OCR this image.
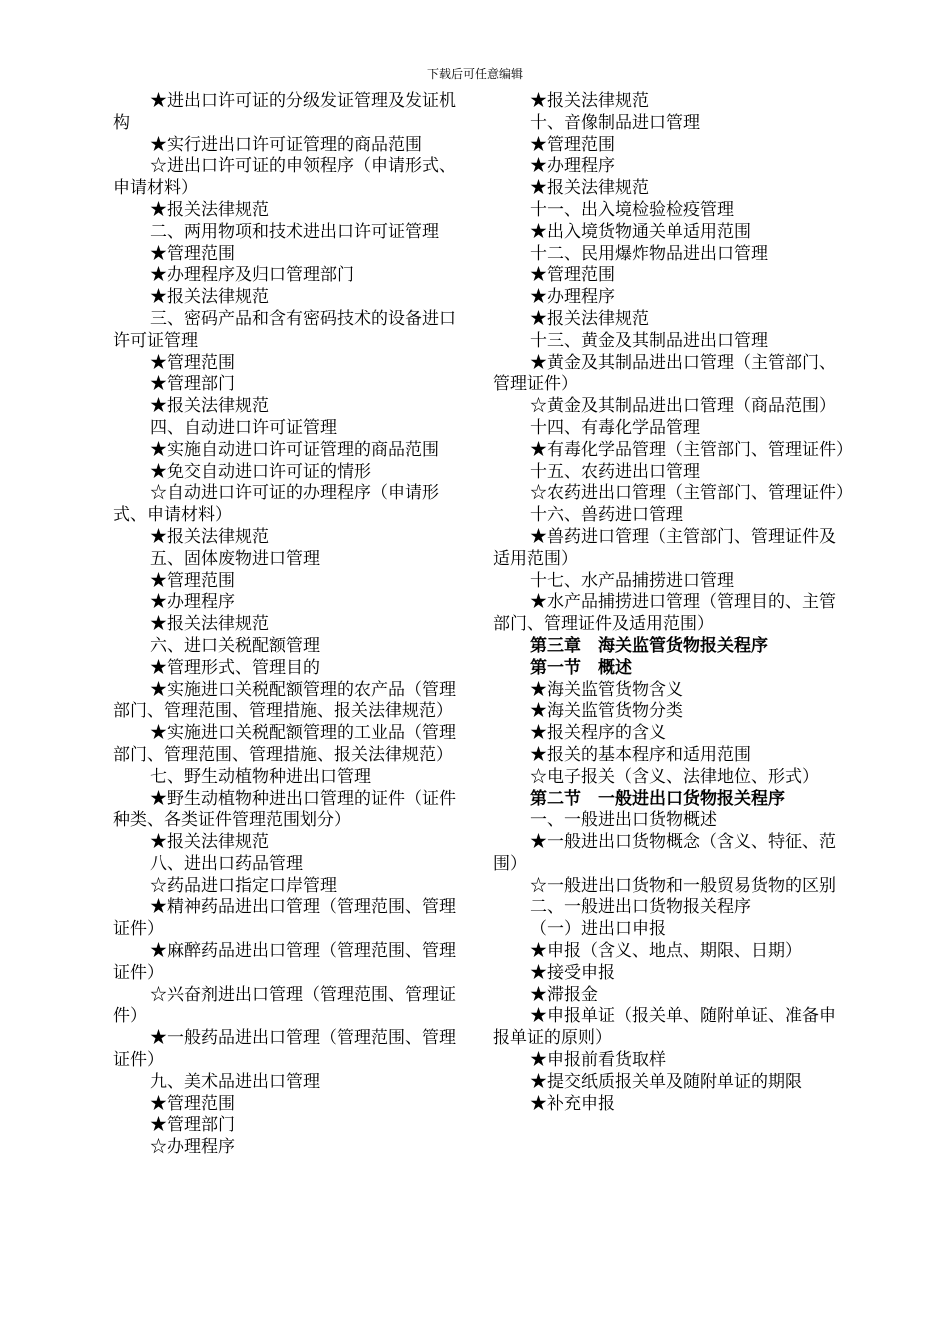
下载后可任意编辑

★进出口许可证的分级发证管理及发证机构

★实行进出口许可证管理的商品范围

☆进出口许可证的申领程序（申请形式、申请材料）

★报关法律规范

二、两用物项和技术进出口许可证管理

★管理范围

★办理程序及归口管理部门

★报关法律规范

三、密码产品和含有密码技术的设备进口许可证管理

★管理范围

★管理部门

★报关法律规范

四、自动进口许可证管理

★实施自动进口许可证管理的商品范围

★免交自动进口许可证的情形

☆自动进口许可证的办理程序（申请形式、申请材料）

★报关法律规范

五、固体废物进口管理

★管理范围

★办理程序

★报关法律规范

六、进口关税配额管理

★管理形式、管理目的

★实施进口关税配额管理的农产品（管理部门、管理范围、管理措施、报关法律规范）

★实施进口关税配额管理的工业品（管理部门、管理范围、管理措施、报关法律规范）

七、野生动植物种进出口管理

★野生动植物种进出口管理的证件（证件种类、各类证件管理范围划分）

★报关法律规范

八、进出口药品管理

☆药品进口指定口岸管理

★精神药品进出口管理（管理范围、管理证件）

★麻醉药品进出口管理（管理范围、管理证件）

☆兴奋剂进出口管理（管理范围、管理证件）

★一般药品进出口管理（管理范围、管理证件）

九、美术品进出口管理

★管理范围

★管理部门

☆办理程序

★报关法律规范

十、音像制品进口管理

★管理范围

★办理程序

★报关法律规范

十一、出入境检验检疫管理

★出入境货物通关单适用范围

十二、民用爆炸物品进出口管理

★管理范围

★办理程序

★报关法律规范

十三、黄金及其制品进出口管理

★黄金及其制品进出口管理（主管部门、管理证件）

☆黄金及其制品进出口管理（商品范围）

十四、有毒化学品管理

★有毒化学品管理（主管部门、管理证件）

十五、农药进出口管理

☆农药进出口管理（主管部门、管理证件）

十六、兽药进口管理

★兽药进口管理（主管部门、管理证件及适用范围）

十七、水产品捕捞进口管理

★水产品捕捞进口管理（管理目的、主管部门、管理证件及适用范围）

第三章　海关监管货物报关程序

第一节　概述

★海关监管货物含义

★海关监管货物分类

★报关程序的含义

★报关的基本程序和适用范围

☆电子报关（含义、法律地位、形式）

第二节　一般进出口货物报关程序

一、一般进出口货物概述

★一般进出口货物概念（含义、特征、范围）

☆一般进出口货物和一般贸易货物的区别

二、一般进出口货物报关程序

（一）进出口申报

★申报（含义、地点、期限、日期）

★接受申报

★滞报金

★申报单证（报关单、随附单证、准备申报单证的原则）

★申报前看货取样

★提交纸质报关单及随附单证的期限

★补充申报
